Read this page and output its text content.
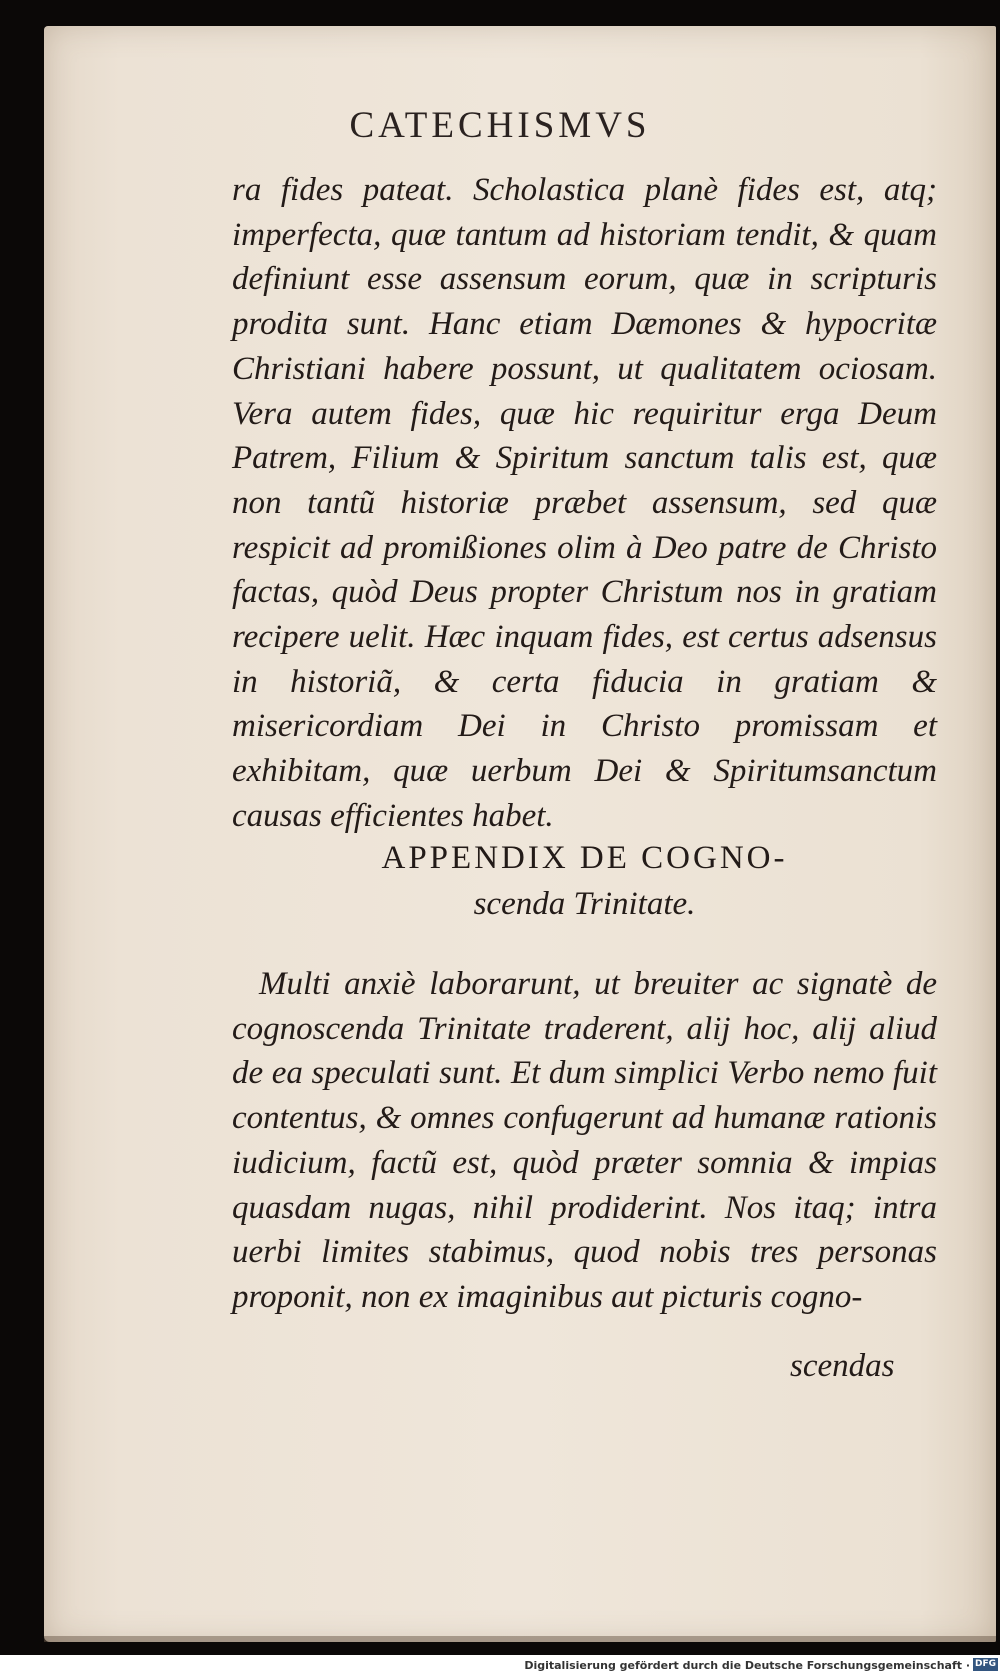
CATECHISMVS

ra fides pateat. Scholastica planè fides est, atq; imperfecta, quæ tantum ad historiam tendit, & quam definiunt esse assensum eorum, quæ in scripturis prodita sunt. Hanc etiam Dæmones & hypocritæ Christiani habere possunt, ut qualitatem ociosam. Vera autem fides, quæ hic requiritur erga Deum Patrem, Filium & Spiritum sanctum talis est, quæ non tantũ historiæ præbet assensum, sed quæ respicit ad promißiones olim à Deo patre de Christo factas, quòd Deus propter Christum nos in gratiam recipere uelit. Hæc inquam fides, est certus adsensus in historiã, & certa fiducia in gratiam & misericordiam Dei in Christo promissam et exhibitam, quæ uerbum Dei & Spiritumsanctum causas efficientes habet.

APPENDIX DE COGNO-
scenda Trinitate.

Multi anxiè laborarunt, ut breuiter ac signatè de cognoscenda Trinitate traderent, alij hoc, alij aliud de ea speculati sunt. Et dum simplici Verbo nemo fuit contentus, & omnes confugerunt ad humanæ rationis iudicium, factũ est, quòd præter somnia & impias quasdam nugas, nihil prodiderint. Nos itaq; intra uerbi limites stabimus, quod nobis tres personas proponit, non ex imaginibus aut picturis cogno-

scendas
Digitalisierung gefördert durch die Deutsche Forschungsgemeinschaft · DFG
